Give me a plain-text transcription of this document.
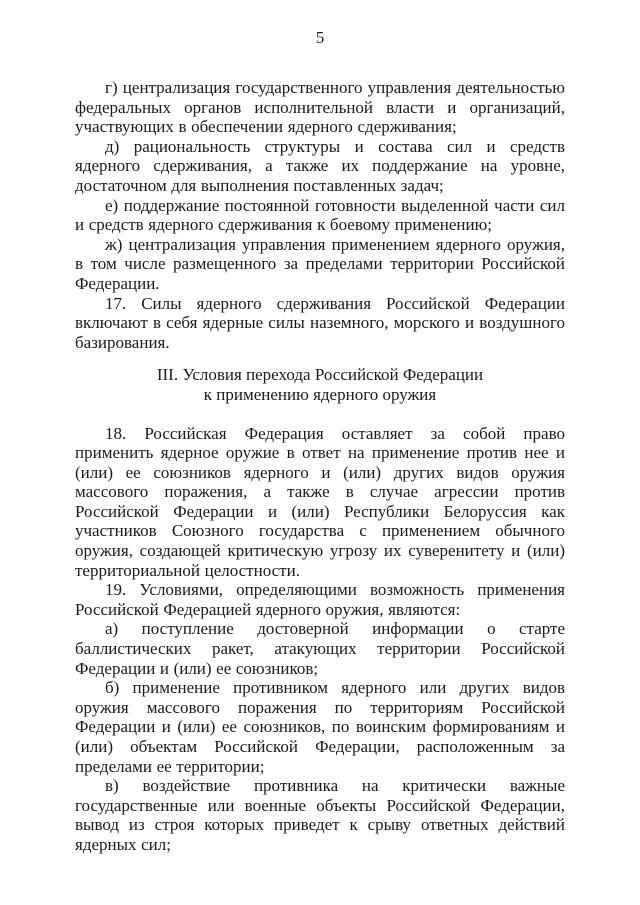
5

г) централизация государственного управления деятельностью федеральных органов исполнительной власти и организаций, участвующих в обеспечении ядерного сдерживания;

д) рациональность структуры и состава сил и средств ядерного сдерживания, а также их поддержание на уровне, достаточном для выполнения поставленных задач;

е) поддержание постоянной готовности выделенной части сил и средств ядерного сдерживания к боевому применению;

ж) централизация управления применением ядерного оружия, в том числе размещенного за пределами территории Российской Федерации.

17. Силы ядерного сдерживания Российской Федерации включают в себя ядерные силы наземного, морского и воздушного базирования.

III. Условия перехода Российской Федерации
к применению ядерного оружия

18. Российская Федерация оставляет за собой право применить ядерное оружие в ответ на применение против нее и (или) ее союзников ядерного и (или) других видов оружия массового поражения, а также в случае агрессии против Российской Федерации и (или) Республики Белоруссия как участников Союзного государства с применением обычного оружия, создающей критическую угрозу их суверенитету и (или) территориальной целостности.

19. Условиями, определяющими возможность применения Российской Федерацией ядерного оружия, являются:

а) поступление достоверной информации о старте баллистических ракет, атакующих территории Российской Федерации и (или) ее союзников;

б) применение противником ядерного или других видов оружия массового поражения по территориям Российской Федерации и (или) ее союзников, по воинским формированиям и (или) объектам Российской Федерации, расположенным за пределами ее территории;

в) воздействие противника на критически важные государственные или военные объекты Российской Федерации, вывод из строя которых приведет к срыву ответных действий ядерных сил;
